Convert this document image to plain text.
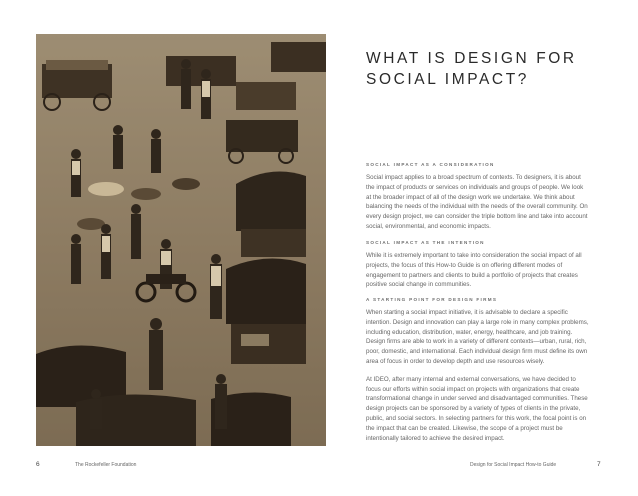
WHAT IS DESIGN FOR
SOCIAL IMPACT?

SOCIAL IMPACT AS A CONSIDERATION

Social impact applies to a broad spectrum of contexts. To designers, it is about the impact of products or services on individuals and groups of people. We look at the broader impact of all of the design work we undertake. We think about balancing the needs of the individual with the needs of the overall community. On every design project, we can consider the triple bottom line and take into account social, environmental, and economic impacts.

SOCIAL IMPACT AS THE INTENTION

While it is extremely important to take into consideration the social impact of all projects, the focus of this How-to Guide is on offering different modes of engagement to partners and clients to build a portfolio of projects that creates positive social change in communities.

A STARTING POINT FOR DESIGN FIRMS

When starting a social impact initiative, it is advisable to declare a specific intention. Design and innovation can play a large role in many complex problems, including education, distribution, water, energy, healthcare, and job training. Design firms are able to work in a variety of different contexts—urban, rural, rich, poor, domestic, and international. Each individual design firm must define its own area of focus in order to develop depth and use resources wisely.

At IDEO, after many internal and external conversations, we have decided to focus our efforts within social impact on projects with organizations that create transformational change in under served and disadvantaged communities. These design projects can be sponsored by a variety of types of clients in the private, public, and social sectors. In selecting partners for this work, the focal point is on the impact that can be created. Likewise, the scope of a project must be intentionally tailored to achieve the desired impact.

6	The Rockefeller Foundation	Design for Social Impact How-to Guide	7
